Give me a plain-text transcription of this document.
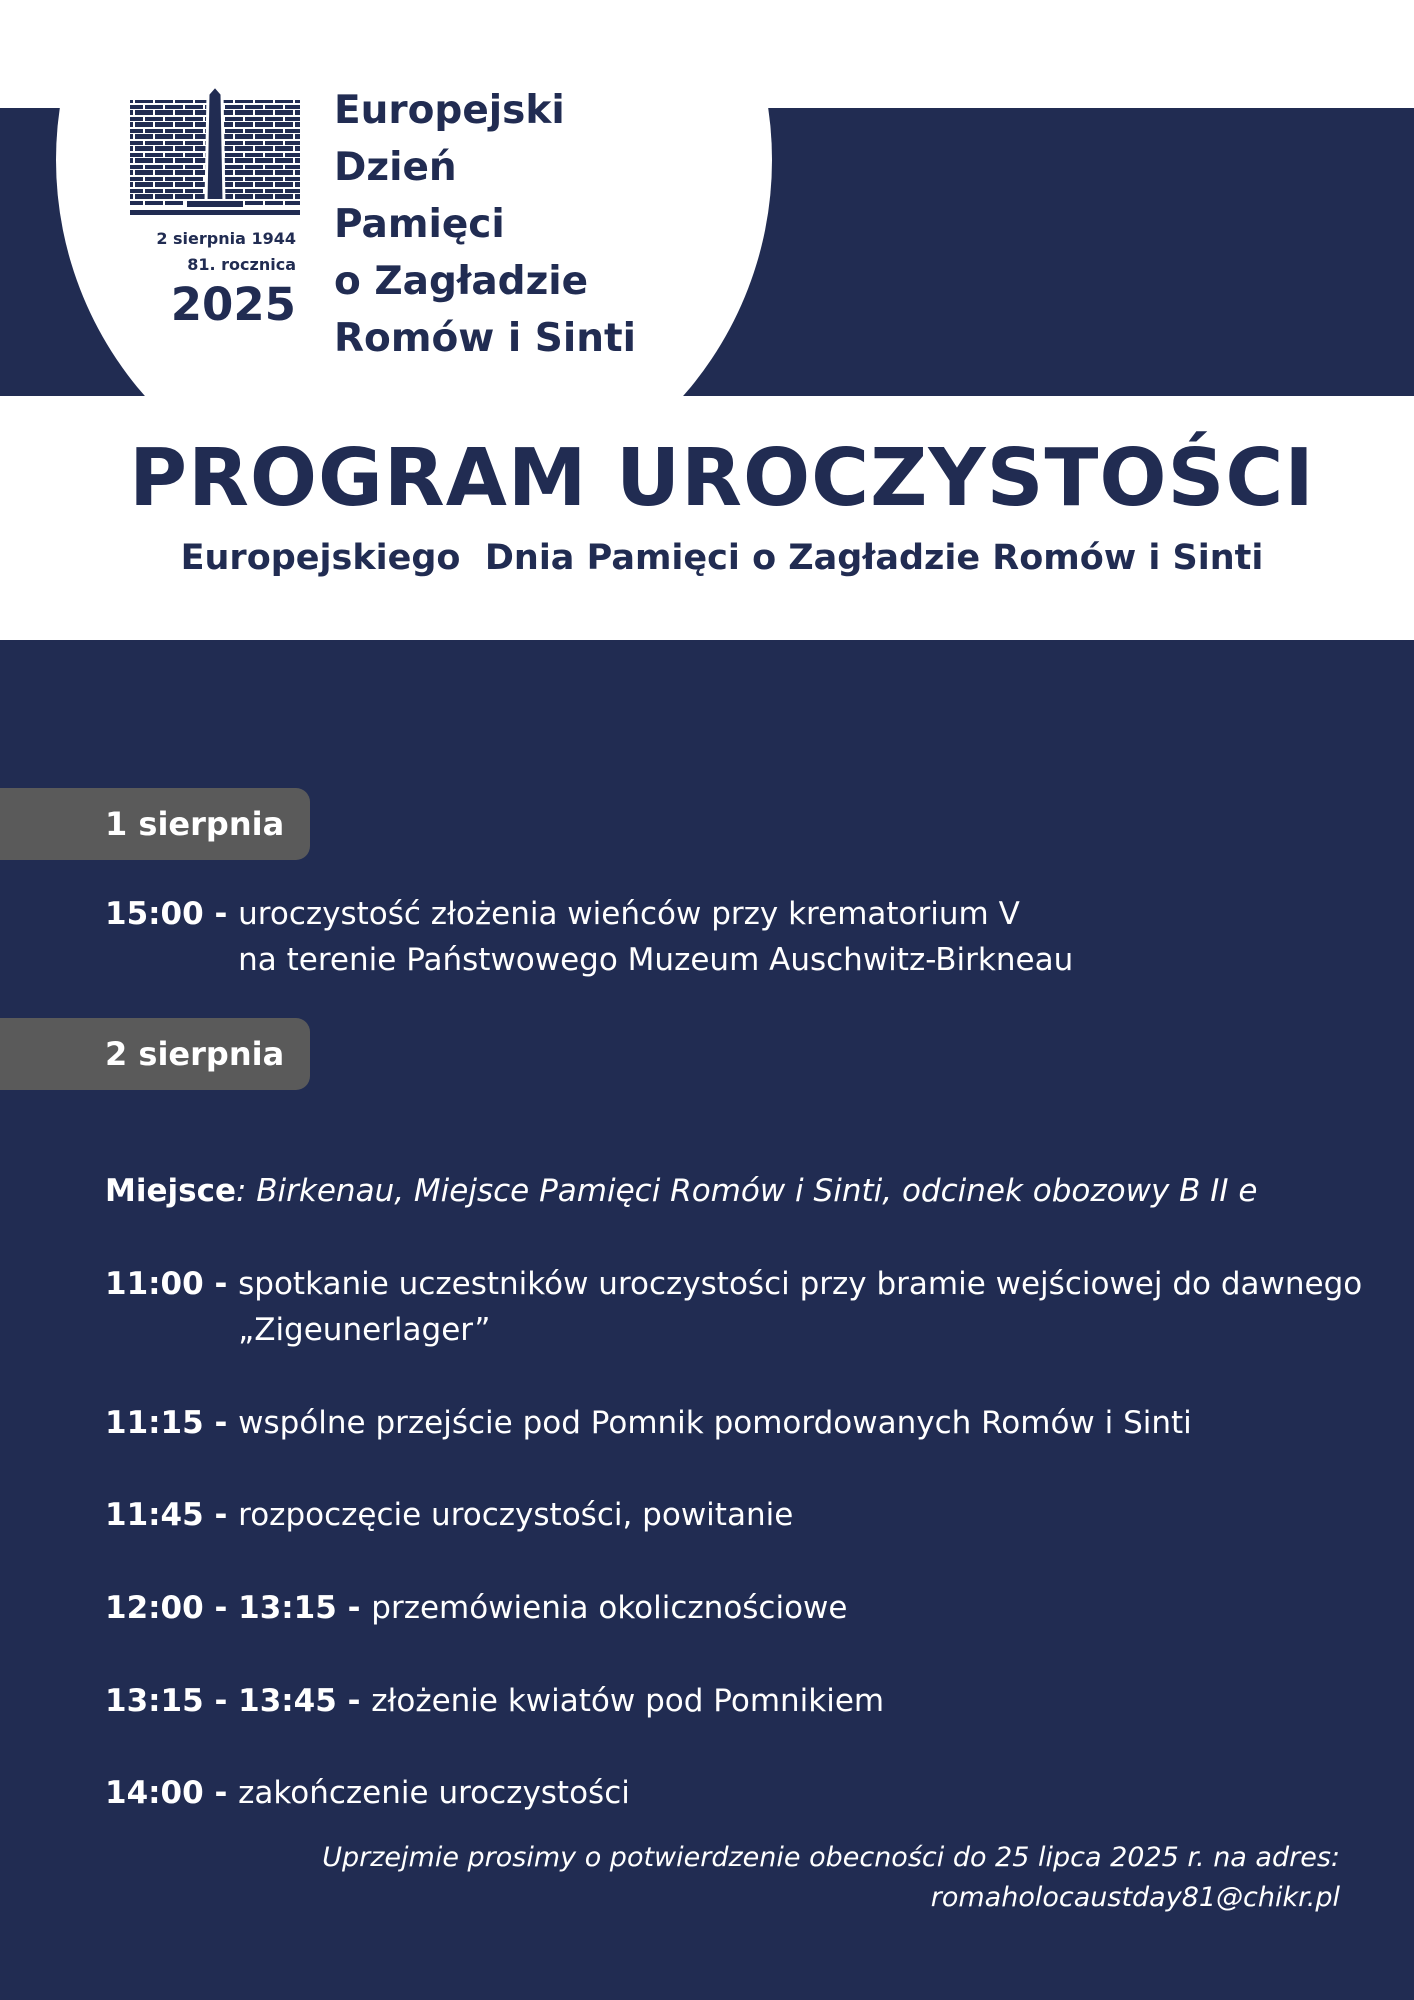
2 sierpnia 1944
81. rocznica
2025
Europejski
Dzień
Pamięci
o Zagładzie
Romów i Sinti
PROGRAM UROCZYSTOŚCI
Europejskiego  Dnia Pamięci o Zagładzie Romów i Sinti
1 sierpnia
15:00 - uroczystość złożenia wieńców przy krematorium V
na terenie Państwowego Muzeum Auschwitz-Birkneau
2 sierpnia
Miejsce: Birkenau, Miejsce Pamięci Romów i Sinti, odcinek obozowy B II e
11:00 - spotkanie uczestników uroczystości przy bramie wejściowej do dawnego
„Zigeunerlager”
11:15 - wspólne przejście pod Pomnik pomordowanych Romów i Sinti
11:45 - rozpoczęcie uroczystości, powitanie
12:00 - 13:15 - przemówienia okolicznościowe
13:15 - 13:45 - złożenie kwiatów pod Pomnikiem
14:00 - zakończenie uroczystości
Uprzejmie prosimy o potwierdzenie obecności do 25 lipca 2025 r. na adres:
romaholocaustday81@chikr.pl
